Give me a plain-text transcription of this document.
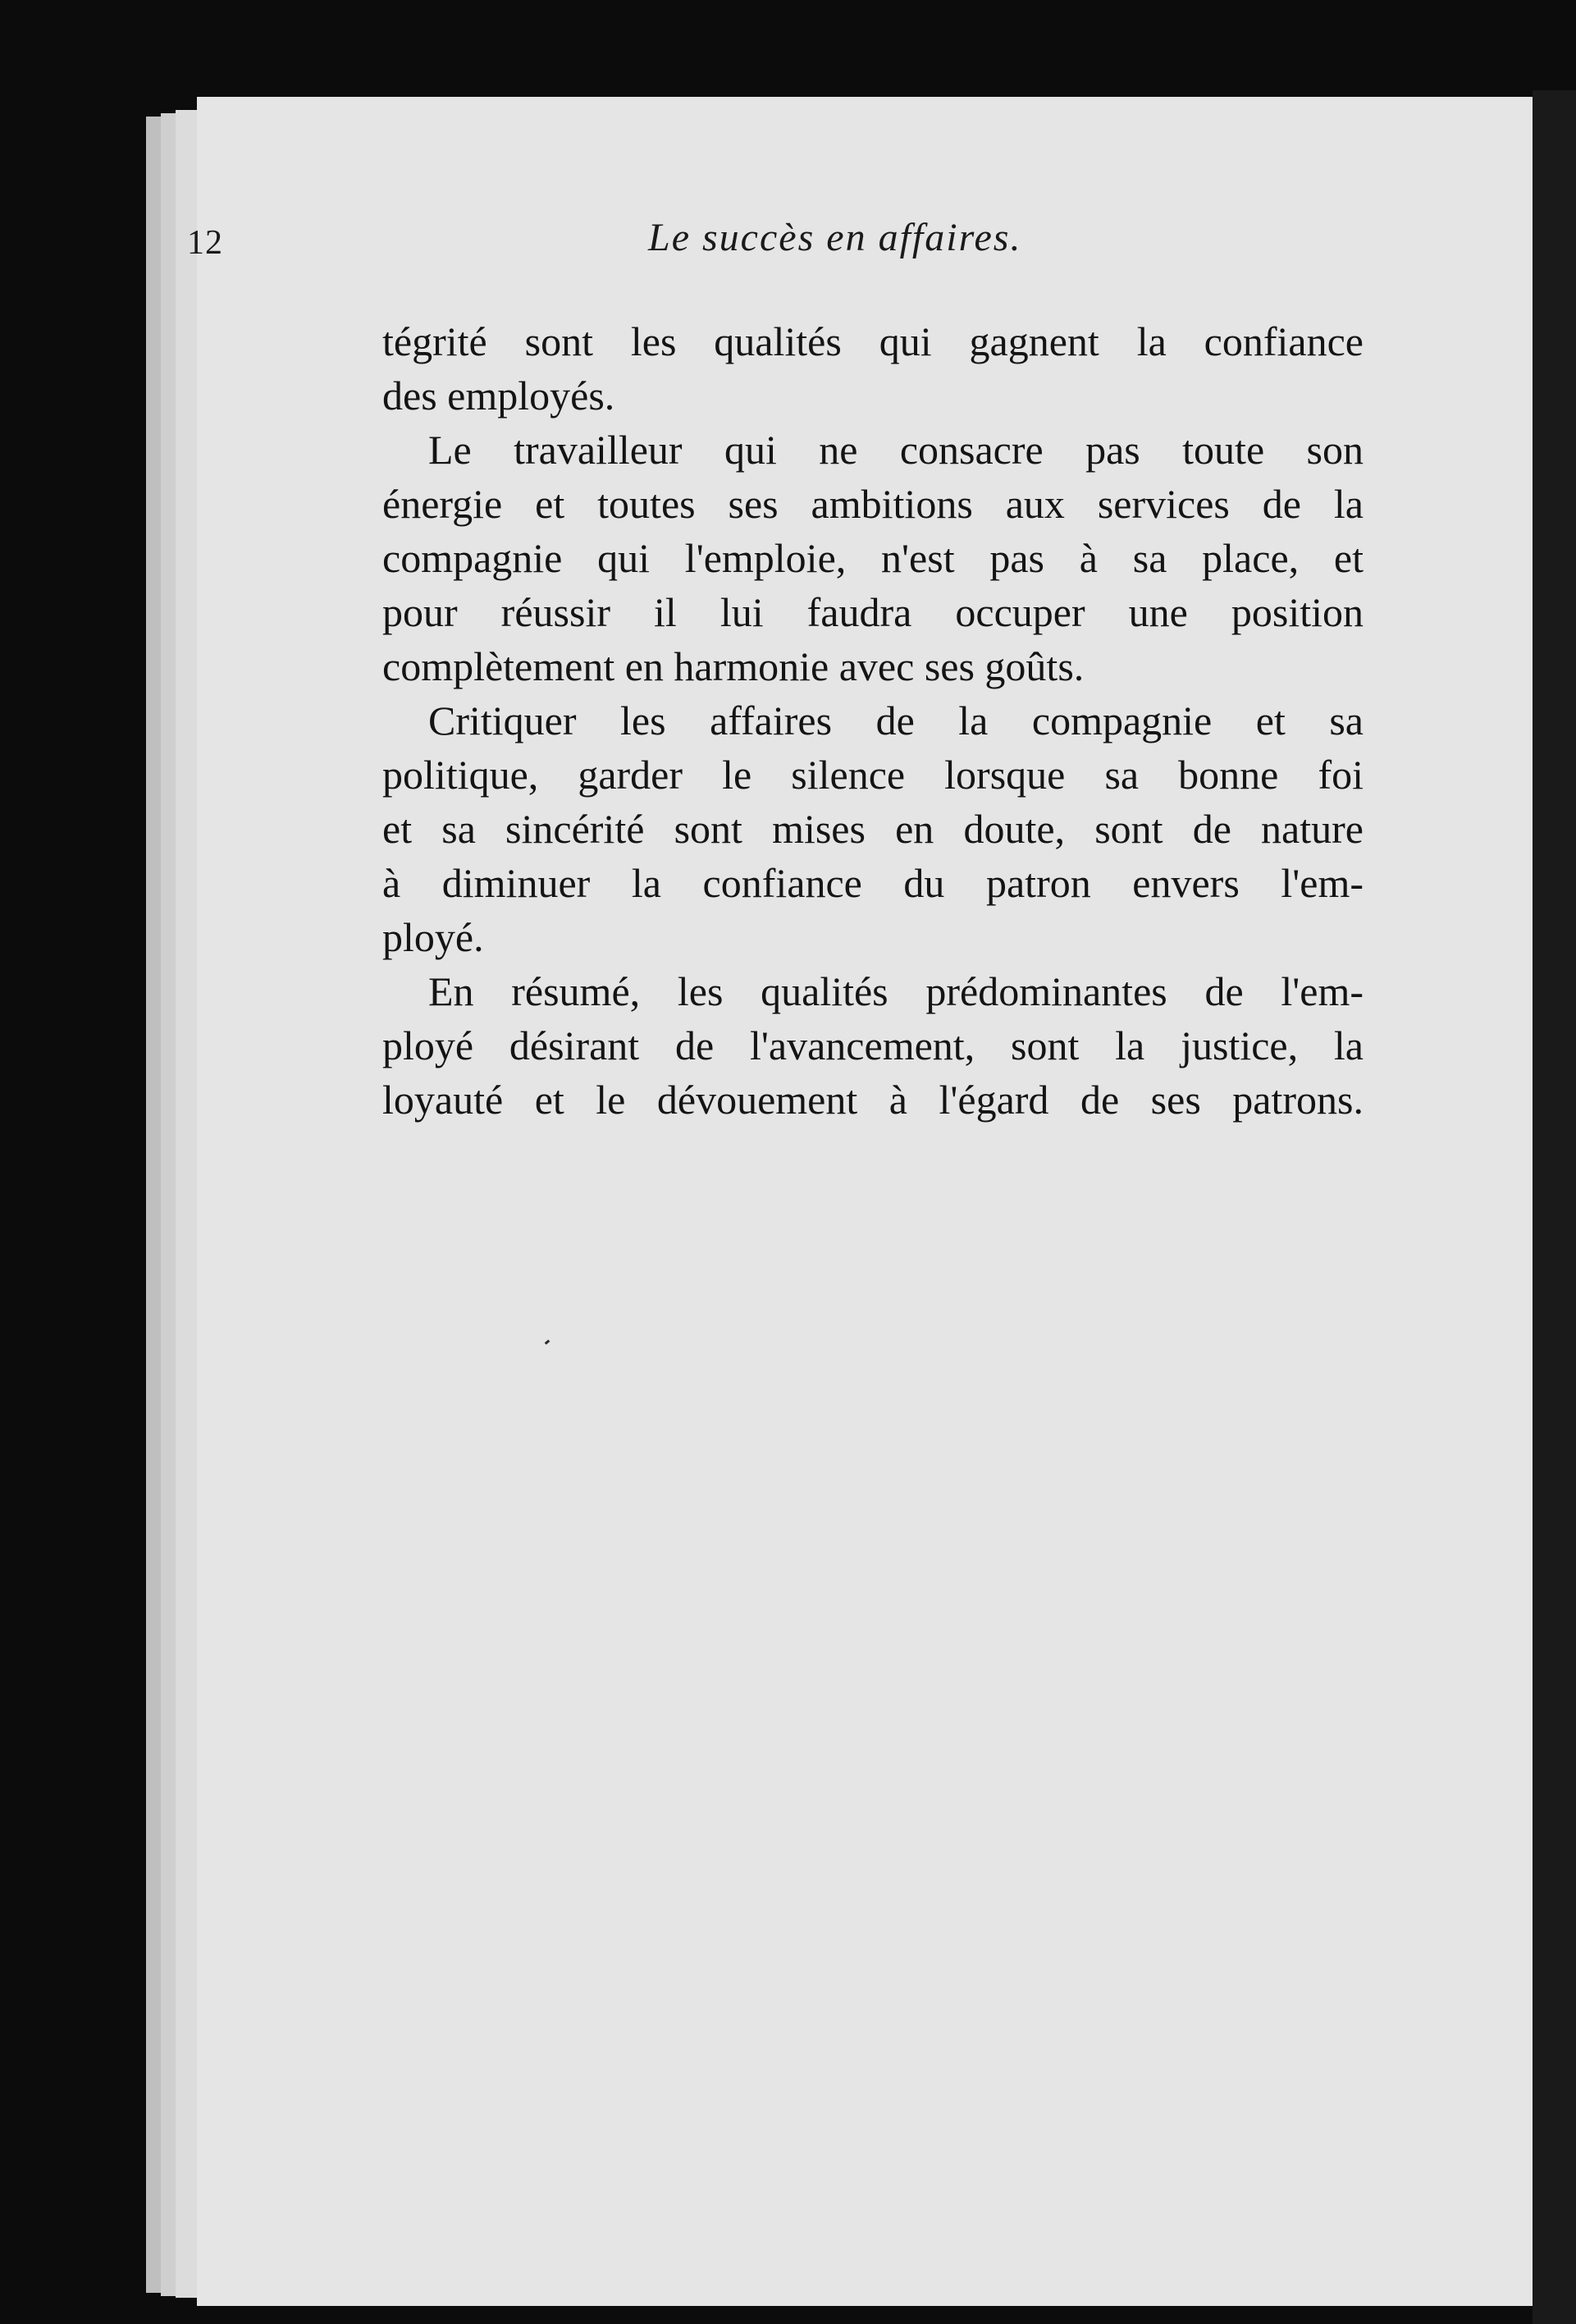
12	Le succès en affaires.
tégrité sont les qualités qui gagnent la confiance
des employés.
Le travailleur qui ne consacre pas toute son
énergie et toutes ses ambitions aux services de la
compagnie qui l'emploie, n'est pas à sa place, et
pour réussir il lui faudra occuper une position
complètement en harmonie avec ses goûts.
Critiquer les affaires de la compagnie et sa
politique, garder le silence lorsque sa bonne foi
et sa sincérité sont mises en doute, sont de nature
à diminuer la confiance du patron envers l'em-
ployé.
En résumé, les qualités prédominantes de l'em-
ployé désirant de l'avancement, sont la justice, la
loyauté et le dévouement à l'égard de ses patrons.
